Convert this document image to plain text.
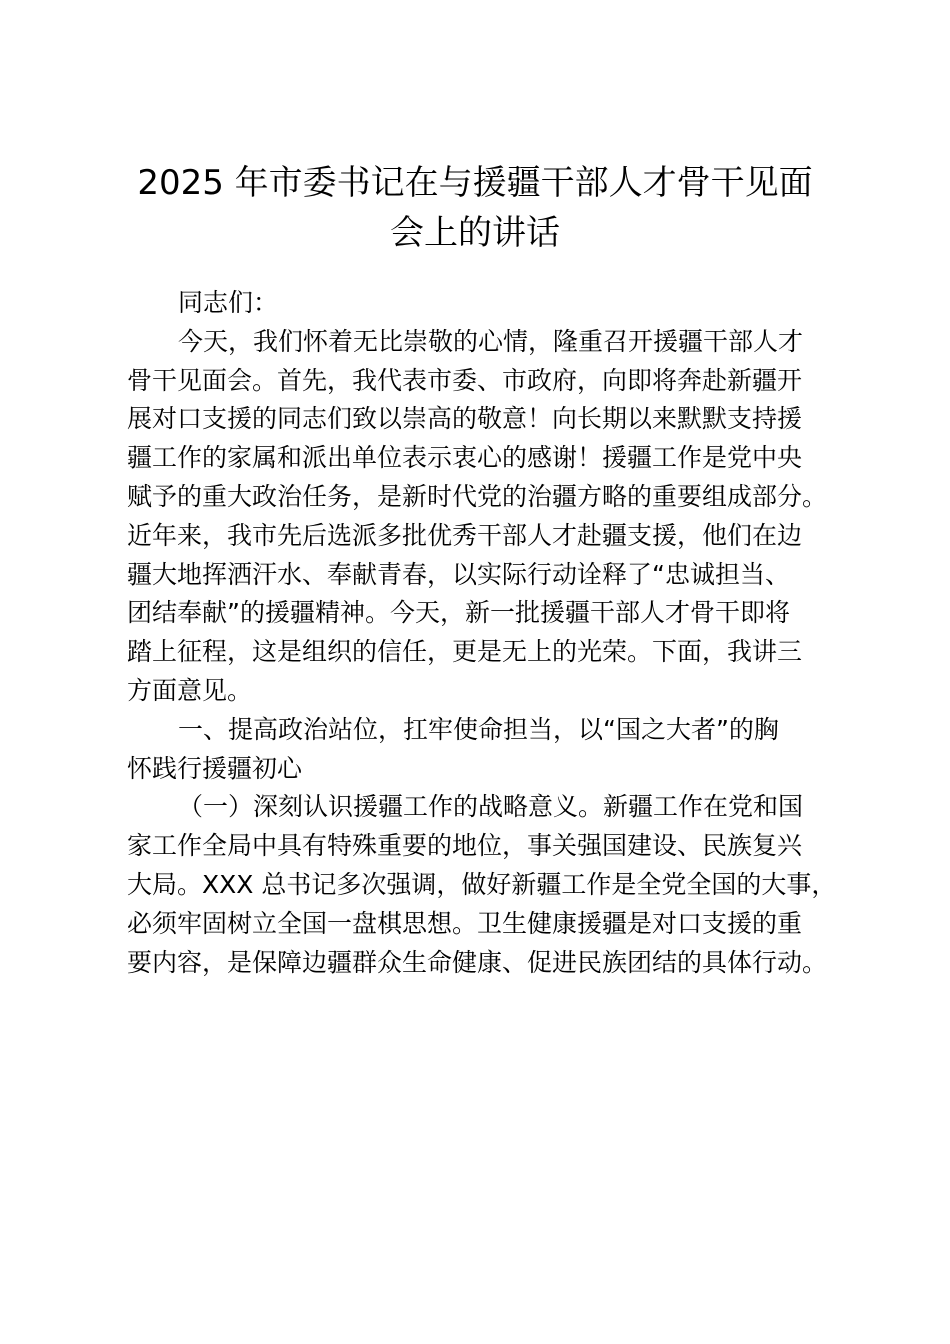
2025 年市委书记在与援疆干部人才骨干见面
会上的讲话

同志们：

今天，我们怀着无比崇敬的心情，隆重召开援疆干部人才

骨干见面会。首先，我代表市委、市政府，向即将奔赴新疆开

展对口支援的同志们致以崇高的敬意！向长期以来默默支持援

疆工作的家属和派出单位表示衷心的感谢！援疆工作是党中央

赋予的重大政治任务，是新时代党的治疆方略的重要组成部分。

近年来，我市先后选派多批优秀干部人才赴疆支援，他们在边

疆大地挥洒汗水、奉献青春，以实际行动诠释了“忠诚担当、

团结奉献”的援疆精神。今天，新一批援疆干部人才骨干即将

踏上征程，这是组织的信任，更是无上的光荣。下面，我讲三

方面意见。

一、提高政治站位，扛牢使命担当，以“国之大者”的胸

怀践行援疆初心

（一）深刻认识援疆工作的战略意义。新疆工作在党和国

家工作全局中具有特殊重要的地位，事关强国建设、民族复兴

大局。XXX 总书记多次强调，做好新疆工作是全党全国的大事，

必须牢固树立全国一盘棋思想。卫生健康援疆是对口支援的重

要内容，是保障边疆群众生命健康、促进民族团结的具体行动。
